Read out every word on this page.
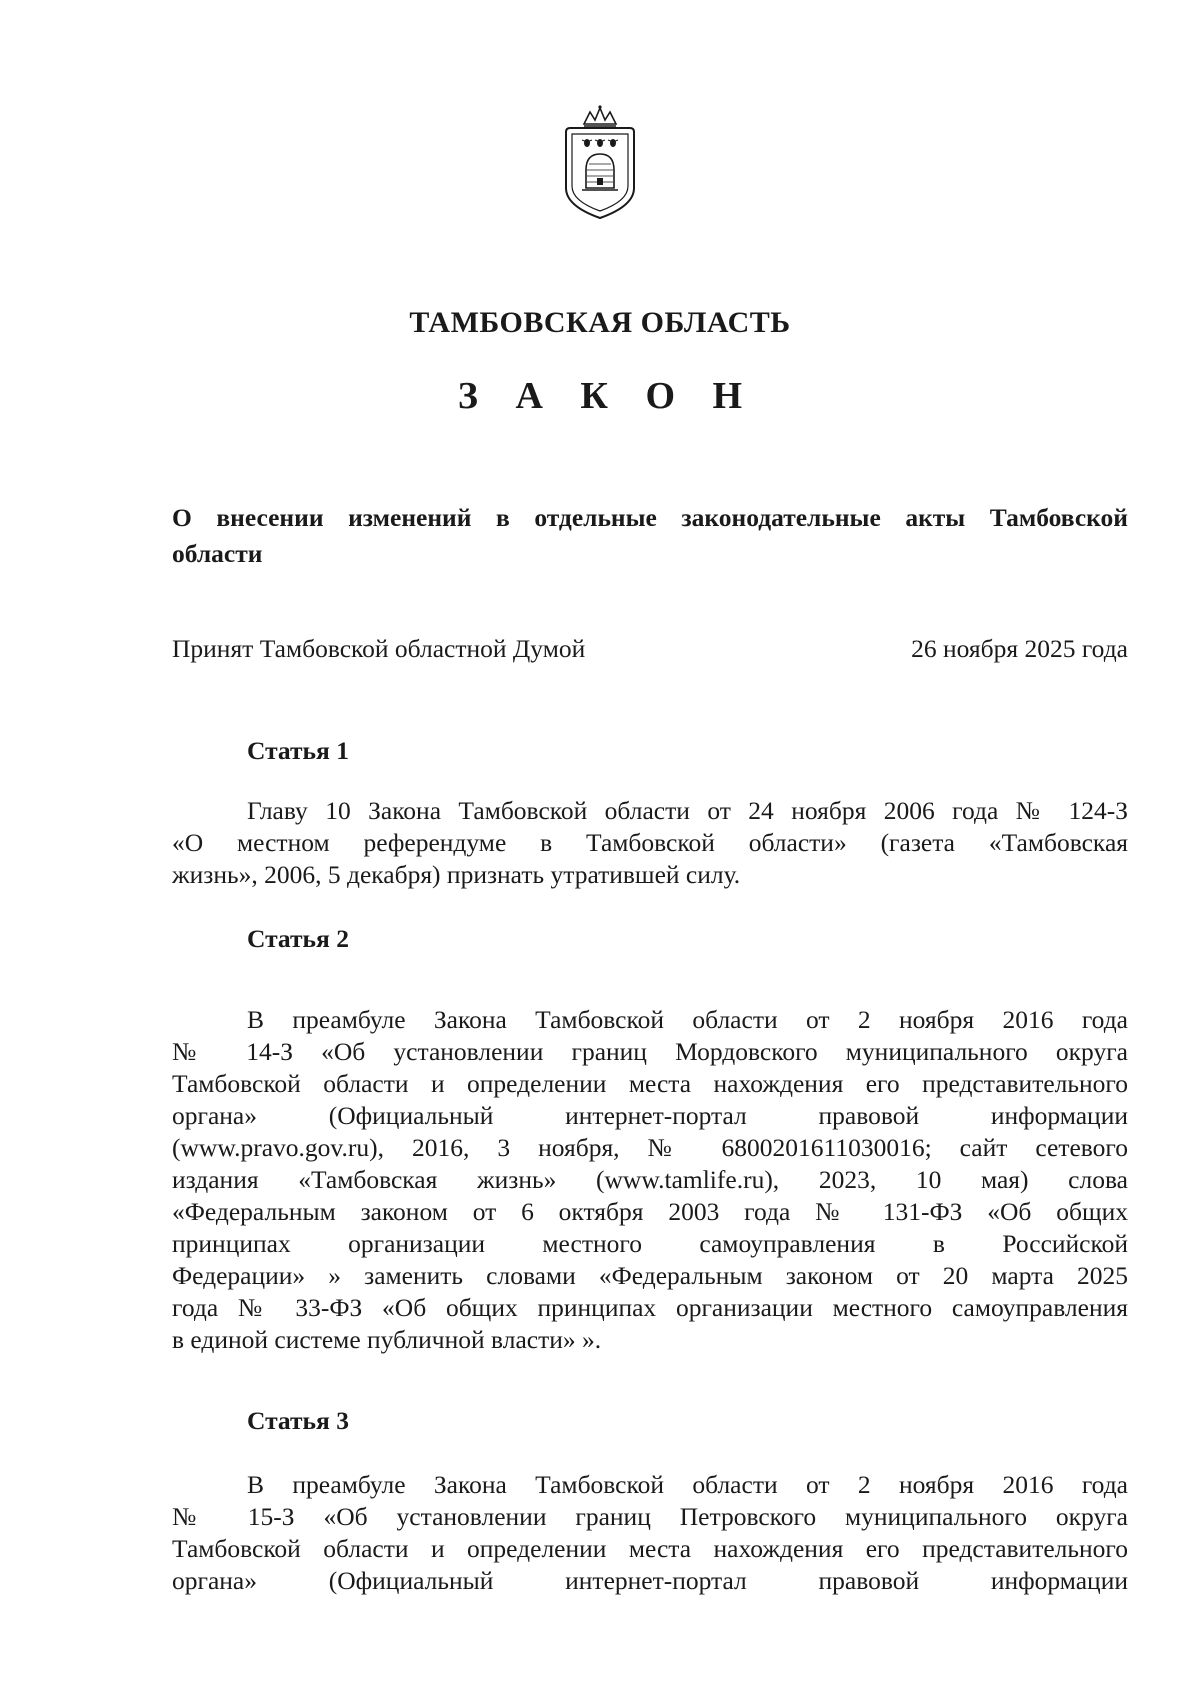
ТАМБОВСКАЯ ОБЛАСТЬ
З А К О Н
О внесении изменений в отдельные законодательные акты Тамбовской
области
Принят Тамбовской областной Думой	26 ноября 2025 года
Статья 1
Главу 10 Закона Тамбовской области от 24 ноября 2006 года № 124-З
«О местном референдуме в Тамбовской области» (газета «Тамбовская
жизнь», 2006, 5 декабря) признать утратившей силу.
Статья 2
В преамбуле Закона Тамбовской области от 2 ноября 2016 года
№ 14-З «Об установлении границ Мордовского муниципального округа
Тамбовской области и определении места нахождения его представительного
органа» (Официальный интернет-портал правовой информации
(www.pravo.gov.ru), 2016, 3 ноября, № 6800201611030016; сайт сетевого
издания «Тамбовская жизнь» (www.tamlife.ru), 2023, 10 мая) слова
«Федеральным законом от 6 октября 2003 года № 131-ФЗ «Об общих
принципах организации местного самоуправления в Российской
Федерации» » заменить словами «Федеральным законом от 20 марта 2025
года № 33-ФЗ «Об общих принципах организации местного самоуправления
в единой системе публичной власти» ».
Статья 3
В преамбуле Закона Тамбовской области от 2 ноября 2016 года
№ 15-З «Об установлении границ Петровского муниципального округа
Тамбовской области и определении места нахождения его представительного
органа» (Официальный интернет-портал правовой информации
